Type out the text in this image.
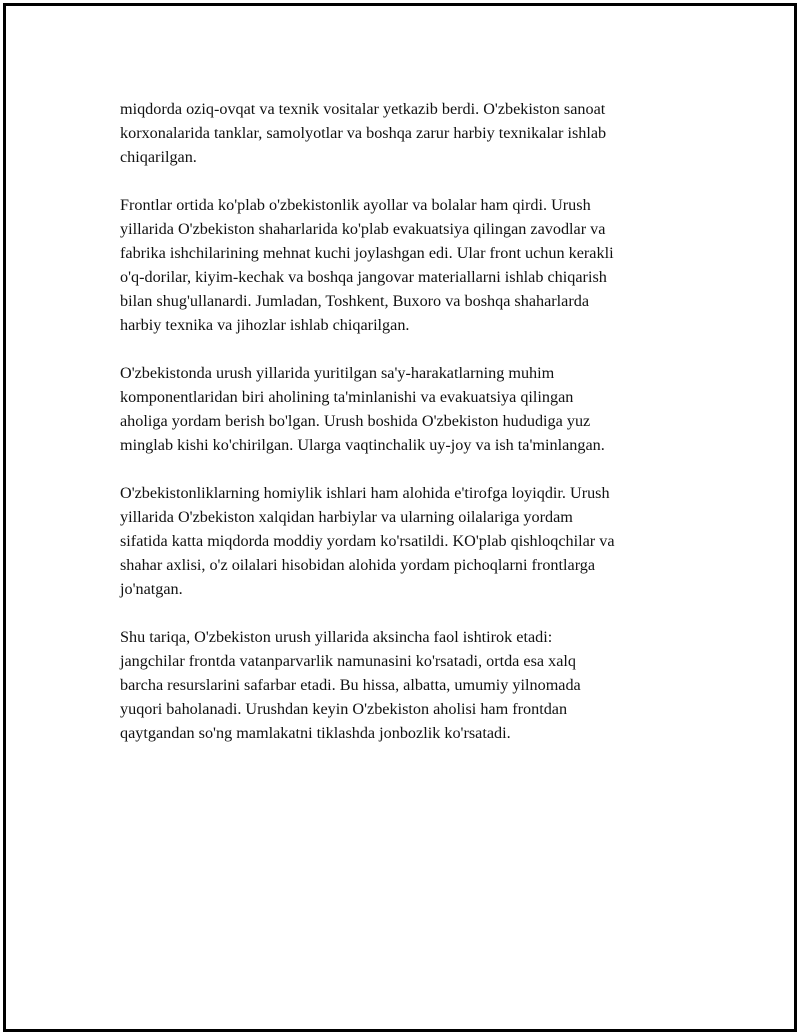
miqdorda oziq-ovqat va texnik vositalar yetkazib berdi. O'zbekiston sanoat
korxonalarida tanklar, samolyotlar va boshqa zarur harbiy texnikalar ishlab
chiqarilgan.

Frontlar ortida ko'plab o'zbekistonlik ayollar va bolalar ham qirdi. Urush
yillarida O'zbekiston shaharlarida ko'plab evakuatsiya qilingan zavodlar va
fabrika ishchilarining mehnat kuchi joylashgan edi. Ular front uchun kerakli
o'q-dorilar, kiyim-kechak va boshqa jangovar materiallarni ishlab chiqarish
bilan shug'ullanardi. Jumladan, Toshkent, Buxoro va boshqa shaharlarda
harbiy texnika va jihozlar ishlab chiqarilgan.

O'zbekistonda urush yillarida yuritilgan sa'y-harakatlarning muhim
komponentlaridan biri aholining ta'minlanishi va evakuatsiya qilingan
aholiga yordam berish bo'lgan. Urush boshida O'zbekiston hududiga yuz
minglab kishi ko'chirilgan. Ularga vaqtinchalik uy-joy va ish ta'minlangan.

O'zbekistonliklarning homiylik ishlari ham alohida e'tirofga loyiqdir. Urush
yillarida O'zbekiston xalqidan harbiylar va ularning oilalariga yordam
sifatida katta miqdorda moddiy yordam ko'rsatildi. KO'plab qishloqchilar va
shahar axlisi, o'z oilalari hisobidan alohida yordam pichoqlarni frontlarga
jo'natgan.

Shu tariqa, O'zbekiston urush yillarida aksincha faol ishtirok etadi:
jangchilar frontda vatanparvarlik namunasini ko'rsatadi, ortda esa xalq
barcha resurslarini safarbar etadi. Bu hissa, albatta, umumiy yilnomada
yuqori baholanadi. Urushdan keyin O'zbekiston aholisi ham frontdan
qaytgandan so'ng mamlakatni tiklashda jonbozlik ko'rsatadi.
